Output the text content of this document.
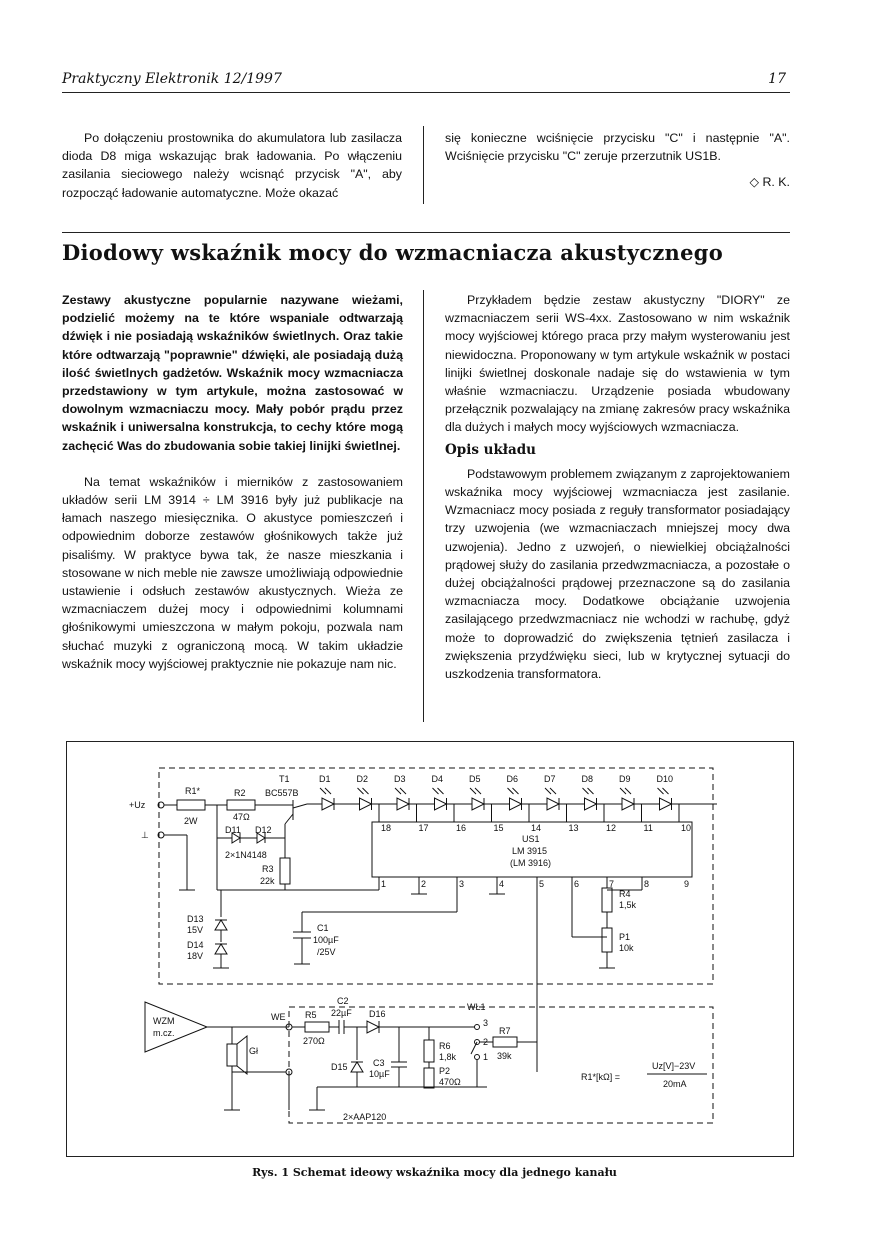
Praktyczny Elektronik 12/1997	17

Po dołączeniu prostownika do akumulatora lub zasilacza dioda D8 miga wskazując brak ładowania. Po włączeniu zasilania sieciowego należy wcisnąć przycisk "A", aby rozpocząć ładowanie automatyczne. Może okazać

się konieczne wciśnięcie przycisku "C" i następnie "A". Wciśnięcie przycisku "C" zeruje przerzutnik US1B.

◇ R. K.
Diodowy wskaźnik mocy do wzmacniacza akustycznego

Zestawy akustyczne popularnie nazywane wieżami, podzielić możemy na te które wspaniale odtwarzają dźwięk i nie posiadają wskaźników świetlnych. Oraz takie które odtwarzają "poprawnie" dźwięki, ale posiadają dużą ilość świetlnych gadżetów. Wskaźnik mocy wzmacniacza przedstawiony w tym artykule, można zastosować w dowolnym wzmacniaczu mocy. Mały pobór prądu przez wskaźnik i uniwersalna konstrukcja, to cechy które mogą zachęcić Was do zbudowania sobie takiej linijki świetlnej.

Na temat wskaźników i mierników z zastosowaniem układów serii LM 3914 ÷ LM 3916 były już publikacje na łamach naszego miesięcznika. O akustyce pomieszczeń i odpowiednim doborze zestawów głośnikowych także już pisaliśmy. W praktyce bywa tak, że nasze mieszkania i stosowane w nich meble nie zawsze umożliwiają odpowiednie ustawienie i odsłuch zestawów akustycznych. Wieża ze wzmacniaczem dużej mocy i odpowiednimi kolumnami głośnikowymi umieszczona w małym pokoju, pozwala nam słuchać muzyki z ograniczoną mocą. W takim układzie wskaźnik mocy wyjściowej praktycznie nie pokazuje nam nic.

Przykładem będzie zestaw akustyczny "DIORY" ze wzmacniaczem serii WS-4xx. Zastosowano w nim wskaźnik mocy wyjściowej którego praca przy małym wysterowaniu jest niewidoczna. Proponowany w tym artykule wskaźnik w postaci linijki świetlnej doskonale nadaje się do wstawienia w tym właśnie wzmacniaczu. Urządzenie posiada wbudowany przełącznik pozwalający na zmianę zakresów pracy wskaźnika dla dużych i małych mocy wyjściowych wzmacniacza.

Opis układu

Podstawowym problemem związanym z zaprojektowaniem wskaźnika mocy wyjściowej wzmacniacza jest zasilanie. Wzmacniacz mocy posiada z reguły transformator posiadający trzy uzwojenia (we wzmacniaczach mniejszej mocy dwa uzwojenia). Jedno z uzwojeń, o niewielkiej obciążalności prądowej służy do zasilania przedwzmacniacza, a pozostałe o dużej obciążalności prądowej przeznaczone są do zasilania wzmacniacza mocy. Dodatkowe obciążanie uzwojenia zasilającego przedwzmacniacz nie wchodzi w rachubę, gdyż może to doprowadzić do zwiększenia tętnień zasilacza i zwiększenia przydźwięku sieci, lub w krytycznej sytuacji do uszkodzenia transformatora.

+Uz
R1*
2W
R2
47Ω
⊥
T1
BC557B
D11 D12
2×1N4148
R3
22k
D1	D2	D3	D4	D5	D6	D7	D8	D9	D10
US1
LM 3915
(LM 3916)
18	17	16	15	14	13	12	11	10
1	2	3	4	5	6	7	8	9
R4
1,5k
P1
10k
C1
100µF
/25V
D13
15V
D14
18V
WZM
m.cz.
WE
Gł
R5
270Ω
C2
22µF D16
D15
2×AAP120
C3
10µF
R6
1,8k
P2
470Ω
WŁ1
3
2
1
R7
39k
R1*[kΩ] =
Uz[V]−23V
20mA
Rys. 1 Schemat ideowy wskaźnika mocy dla jednego kanału
